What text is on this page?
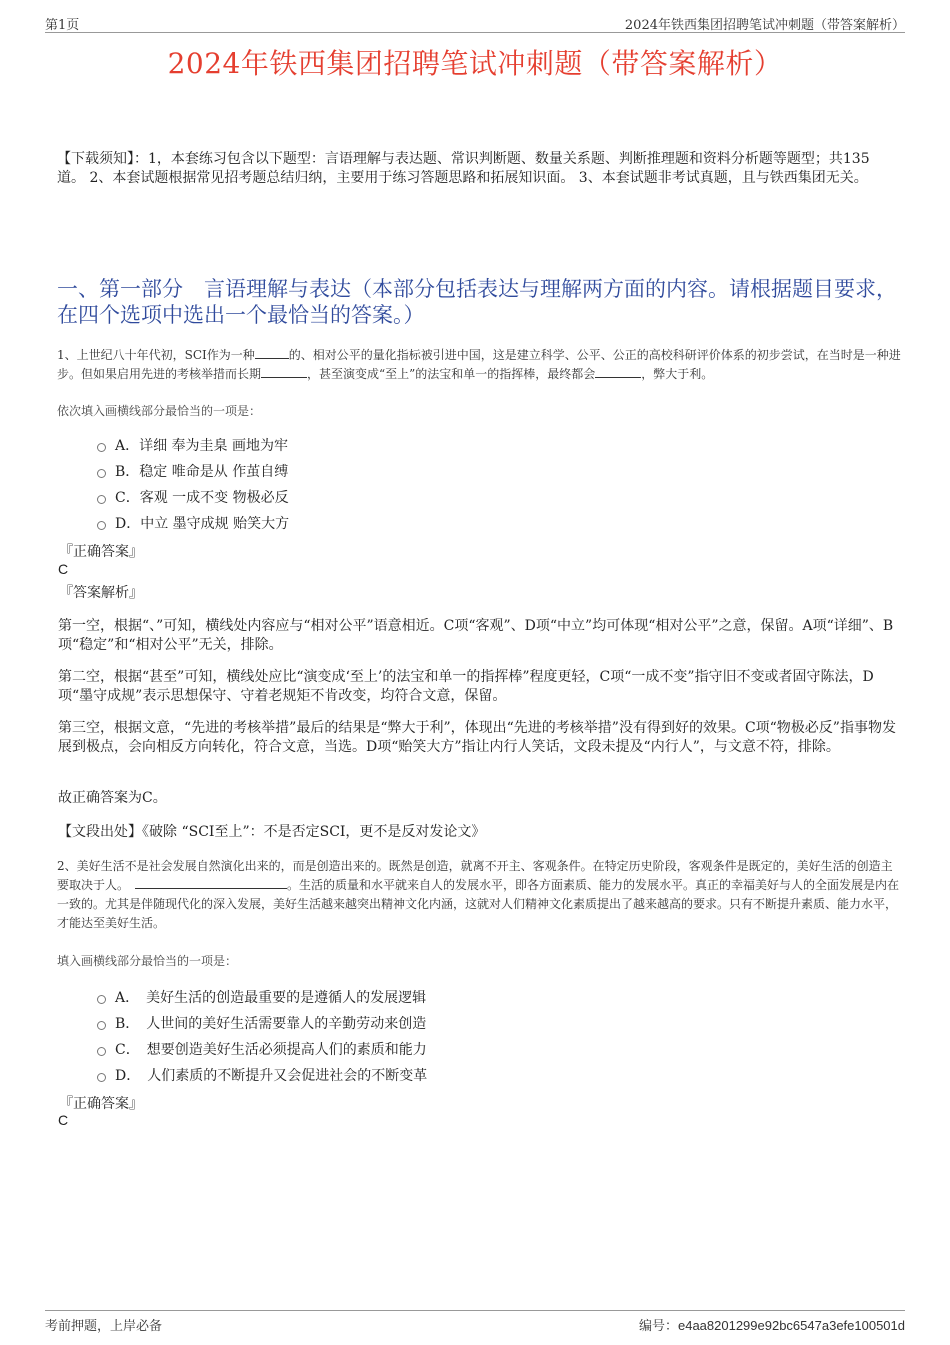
第1页	2024年铁西集团招聘笔试冲刺题（带答案解析）
2024年铁西集团招聘笔试冲刺题（带答案解析）
【下载须知】：1，本套练习包含以下题型：言语理解与表达题、常识判断题、数量关系题、判断推理题和资料分析题等题型；共135道。 2、本套试题根据常见招考题总结归纳，主要用于练习答题思路和拓展知识面。 3、本套试题非考试真题，且与铁西集团无关。
一、第一部分　言语理解与表达（本部分包括表达与理解两方面的内容。请根据题目要求，在四个选项中选出一个最恰当的答案。）
1、上世纪八十年代初，SCI作为一种	的、相对公平的量化指标被引进中国，这是建立科学、公平、公正的高校科研评价体系的初步尝试，在当时是一种进步。但如果启用先进的考核举措而长期	，甚至演变成“至上”的法宝和单一的指挥棒，最终都会	，弊大于利。
依次填入画横线部分最恰当的一项是：
A．详细 奉为圭臬 画地为牢
B．稳定 唯命是从 作茧自缚
C．客观 一成不变 物极必反
D．中立 墨守成规 贻笑大方
『正确答案』
C
『答案解析』
第一空，根据“、”可知，横线处内容应与“相对公平”语意相近。C项“客观”、D项“中立”均可体现“相对公平”之意，保留。A项“详细”、B项“稳定”和“相对公平”无关，排除。
第二空，根据“甚至”可知，横线处应比“演变成‘至上’的法宝和单一的指挥棒”程度更轻，C项“一成不变”指守旧不变或者固守陈法，D项“墨守成规”表示思想保守、守着老规矩不肯改变，均符合文意，保留。
第三空，根据文意，“先进的考核举措”最后的结果是“弊大于利”，体现出“先进的考核举措”没有得到好的效果。C项“物极必反”指事物发展到极点，会向相反方向转化，符合文意，当选。D项“贻笑大方”指让内行人笑话，文段未提及“内行人”，与文意不符，排除。
故正确答案为C。
【文段出处】《破除 “SCI至上”：不是否定SCI，更不是反对发论文》
2、美好生活不是社会发展自然演化出来的，而是创造出来的。既然是创造，就离不开主、客观条件。在特定历史阶段，客观条件是既定的，美好生活的创造主要取决于人。　	。生活的质量和水平就来自人的发展水平，即各方面素质、能力的发展水平。真正的幸福美好与人的全面发展是内在一致的。尤其是伴随现代化的深入发展，美好生活越来越突出精神文化内涵，这就对人们精神文化素质提出了越来越高的要求。只有不断提升素质、能力水平，才能达至美好生活。
填入画横线部分最恰当的一项是：
A．　美好生活的创造最重要的是遵循人的发展逻辑
B．　人世间的美好生活需要靠人的辛勤劳动来创造
C．　想要创造美好生活必须提高人们的素质和能力
D．　人们素质的不断提升又会促进社会的不断变革
『正确答案』
C
考前押题，上岸必备	编号：e4aa8201299e92bc6547a3efe100501d
